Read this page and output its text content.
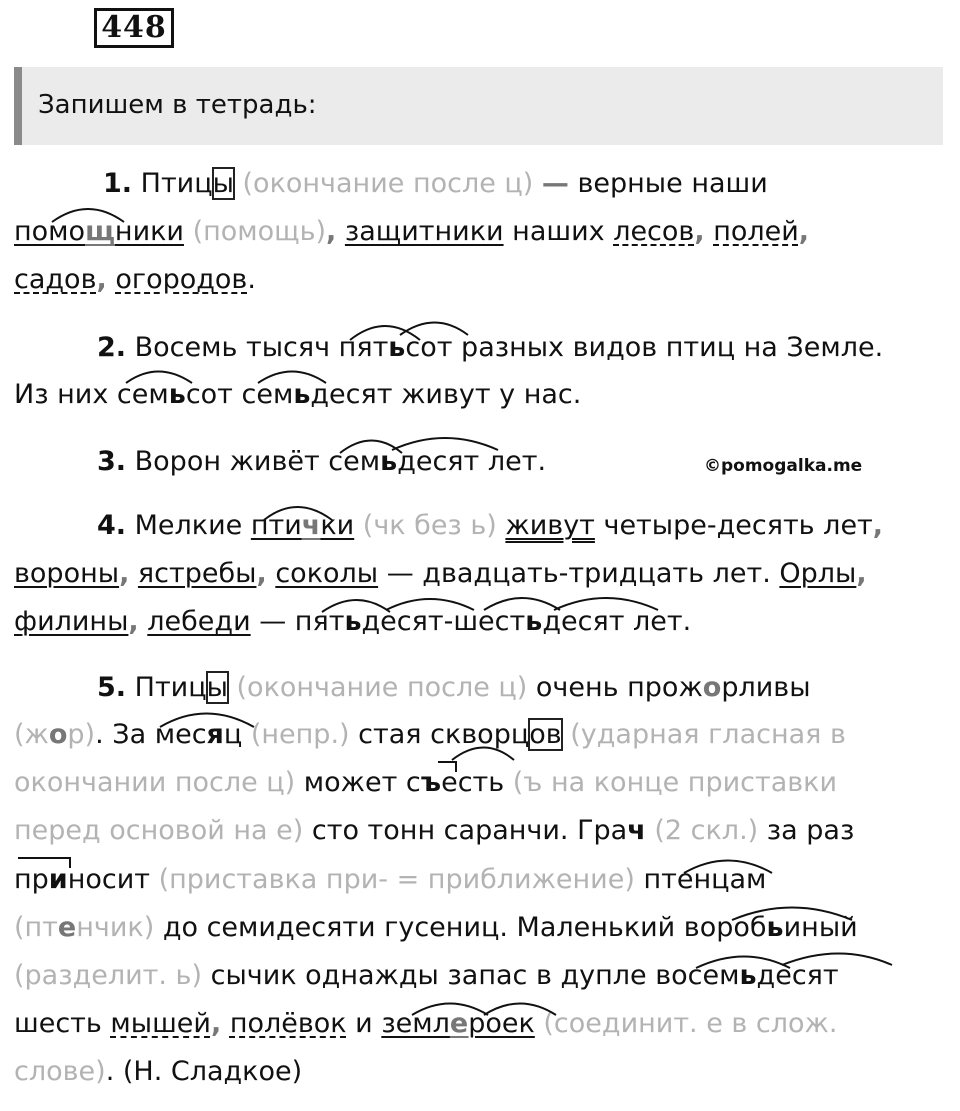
448
Запишем в тетрадь:
1. Птицы (окончание после ц) — верные наши
помощники (помощь), защитники наших лесов, полей,
садов, огородов.
2. Восемь тысяч пятьсот разных видов птиц на Земле.
Из них семьсот семьдесят живут у нас.
3. Ворон живёт семьдесят лет.	©pomogalka.me
4. Мелкие птички (чк без ь) живут четыре-десять лет,
вороны, ястребы, соколы — двадцать-тридцать лет. Орлы,
филины, лебеди — пятьдесят-шестьдесят лет.
5. Птицы (окончание после ц) очень прожорливы
(жор). За месяц (непр.) стая скворцов (ударная гласная в
окончании после ц) может съесть (ъ на конце приставки
перед основой на е) сто тонн саранчи. Грач (2 скл.) за раз
приносит (приставка при- = приближение) птенцам
(птенчик) до семидесяти гусениц. Маленький воробьиный
(разделит. ь) сычик однажды запас в дупле восемьдесят
шесть мышей, полёвок и землероек (соединит. е в слож.
слове). (Н. Сладкое)
